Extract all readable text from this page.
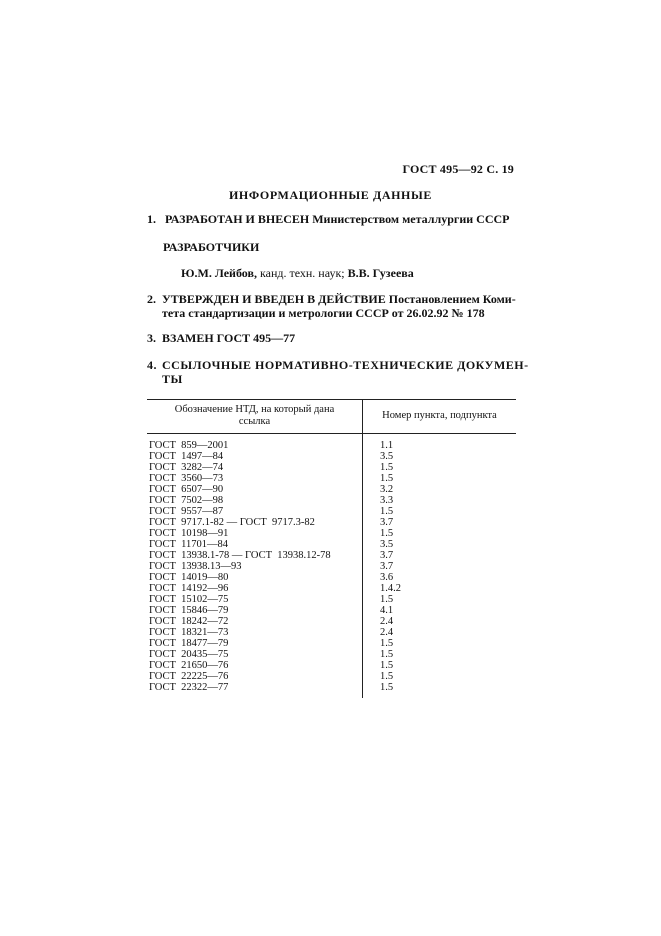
ГОСТ 495—92 С. 19
ИНФОРМАЦИОННЫЕ ДАННЫЕ
1. РАЗРАБОТАН И ВНЕСЕН Министерством металлургии СССР
РАЗРАБОТЧИКИ
Ю.М. Лейбов, канд. техн. наук; В.В. Гузеева
2. УТВЕРЖДЕН И ВВЕДЕН В ДЕЙСТВИЕ Постановлением Коми-
тета стандартизации и метрологии СССР от 26.02.92 № 178
3. ВЗАМЕН ГОСТ 495—77
4. ССЫЛОЧНЫЕ НОРМАТИВНО-ТЕХНИЧЕСКИЕ ДОКУМЕН-
ТЫ
Обозначение НТД, на который дана
ссылка	Номер пункта, подпункта
ГОСТ  859—2001	1.1
ГОСТ  1497—84	3.5
ГОСТ  3282—74	1.5
ГОСТ  3560—73	1.5
ГОСТ  6507—90	3.2
ГОСТ  7502—98	3.3
ГОСТ  9557—87	1.5
ГОСТ  9717.1-82 — ГОСТ  9717.3-82	3.7
ГОСТ  10198—91	1.5
ГОСТ  11701—84	3.5
ГОСТ  13938.1-78 — ГОСТ  13938.12-78	3.7
ГОСТ  13938.13—93	3.7
ГОСТ  14019—80	3.6
ГОСТ  14192—96	1.4.2
ГОСТ  15102—75	1.5
ГОСТ  15846—79	4.1
ГОСТ  18242—72	2.4
ГОСТ  18321—73	2.4
ГОСТ  18477—79	1.5
ГОСТ  20435—75	1.5
ГОСТ  21650—76	1.5
ГОСТ  22225—76	1.5
ГОСТ  22322—77	1.5
